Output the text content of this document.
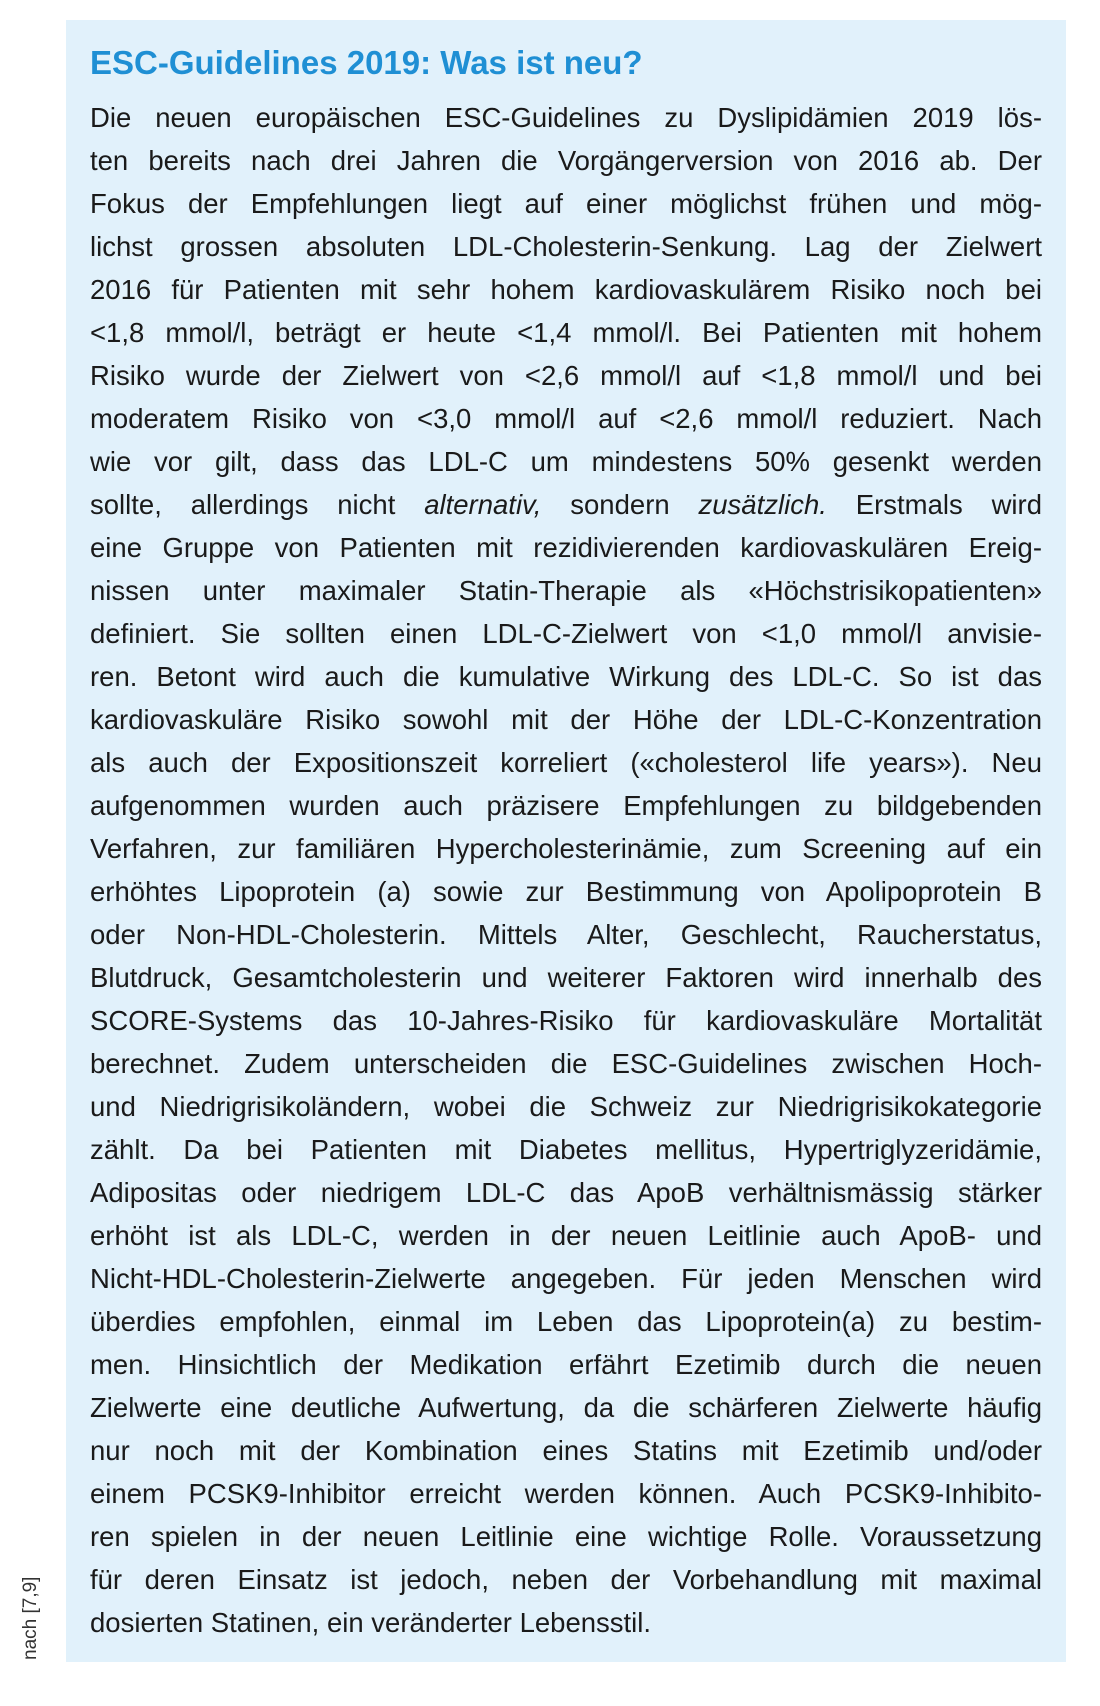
ESC-Guidelines 2019: Was ist neu?
Die neuen europäischen ESC-Guidelines zu Dyslipidämien 2019 lös-
ten bereits nach drei Jahren die Vorgängerversion von 2016 ab. Der
Fokus der Empfehlungen liegt auf einer möglichst frühen und mög-
lichst grossen absoluten LDL-Cholesterin-Senkung. Lag der Zielwert
2016 für Patienten mit sehr hohem kardiovaskulärem Risiko noch bei
<1,8 mmol/l, beträgt er heute <1,4 mmol/l. Bei Patienten mit hohem
Risiko wurde der Zielwert von <2,6 mmol/l auf <1,8 mmol/l und bei
moderatem Risiko von <3,0 mmol/l auf <2,6 mmol/l reduziert. Nach
wie vor gilt, dass das LDL-C um mindestens 50% gesenkt werden
sollte, allerdings nicht alternativ, sondern zusätzlich. Erstmals wird
eine Gruppe von Patienten mit rezidivierenden kardiovaskulären Ereig-
nissen unter maximaler Statin-Therapie als «Höchstrisikopatienten»
definiert. Sie sollten einen LDL-C-Zielwert von <1,0 mmol/l anvisie-
ren. Betont wird auch die kumulative Wirkung des LDL-C. So ist das
kardiovaskuläre Risiko sowohl mit der Höhe der LDL-C-Konzentration
als auch der Expositionszeit korreliert («cholesterol life years»). Neu
aufgenommen wurden auch präzisere Empfehlungen zu bildgebenden
Verfahren, zur familiären Hypercholesterinämie, zum Screening auf ein
erhöhtes Lipoprotein (a) sowie zur Bestimmung von Apolipoprotein B
oder Non-HDL-Cholesterin. Mittels Alter, Geschlecht, Raucherstatus,
Blutdruck, Gesamtcholesterin und weiterer Faktoren wird innerhalb des
SCORE-Systems das 10-Jahres-Risiko für kardiovaskuläre Mortalität
berechnet. Zudem unterscheiden die ESC-Guidelines zwischen Hoch-
und Niedrigrisikoländern, wobei die Schweiz zur Niedrigrisikokategorie
zählt. Da bei Patienten mit Diabetes mellitus, Hypertriglyzeridämie,
Adipositas oder niedrigem LDL-C das ApoB verhältnismässig stärker
erhöht ist als LDL-C, werden in der neuen Leitlinie auch ApoB- und
Nicht-HDL-Cholesterin-Zielwerte angegeben. Für jeden Menschen wird
überdies empfohlen, einmal im Leben das Lipoprotein(a) zu bestim-
men. Hinsichtlich der Medikation erfährt Ezetimib durch die neuen
Zielwerte eine deutliche Aufwertung, da die schärferen Zielwerte häufig
nur noch mit der Kombination eines Statins mit Ezetimib und/oder
einem PCSK9-Inhibitor erreicht werden können. Auch PCSK9-Inhibito-
ren spielen in der neuen Leitlinie eine wichtige Rolle. Voraussetzung
für deren Einsatz ist jedoch, neben der Vorbehandlung mit maximal
dosierten Statinen, ein veränderter Lebensstil.
nach [7,9]
